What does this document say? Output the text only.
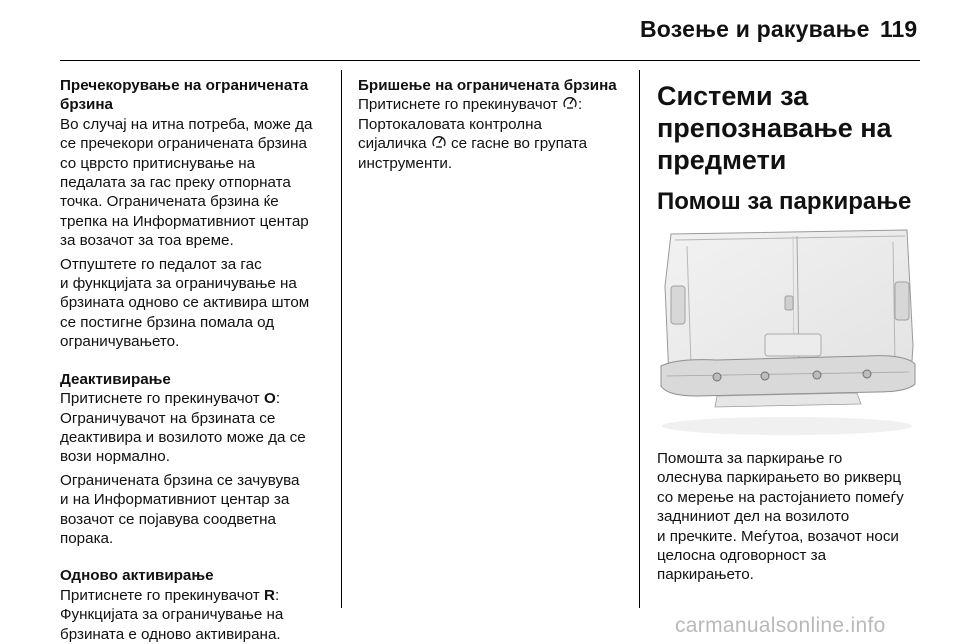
Возење и ракување 119

Пречекорување на ограничената
брзина

Во случај на итна потреба, може да
се пречекори ограничената брзина
со цврсто притиснување на
педалата за гас преку отпорната
точка. Ограничената брзина ќе
трепка на Информативниот центар
за возачот за тоа време.

Отпуштете го педалот за гас
и функцијата за ограничување на
брзината одново се активира штом
се постигне брзина помала од
ограничувањето.

Деактивирање

Притиснете го прекинувачот O:
Ограничувачот на брзината се
деактивира и возилото може да се
вози нормално.

Ограничената брзина се зачувува
и на Информативниот центар за
возачот се појавува соодветна
порака.

Одново активирање

Притиснете го прекинувачот R:
Функцијата за ограничување на
брзината е одново активирана.

Бришење на ограничената брзина

Притиснете го прекинувачот :
Портокаловата контролна
сијаличка  се гасне во групата
инструменти.

Системи за
препознавање на
предмети

Помош за паркирање

Помошта за паркирање го
олеснува паркирањето во рикверц
со мерење на растојанието помеѓу
задниниот дел на возилото
и пречките. Меѓутоа, возачот носи
целосна одговорност за
паркирањето.

carmanualsonline.info
